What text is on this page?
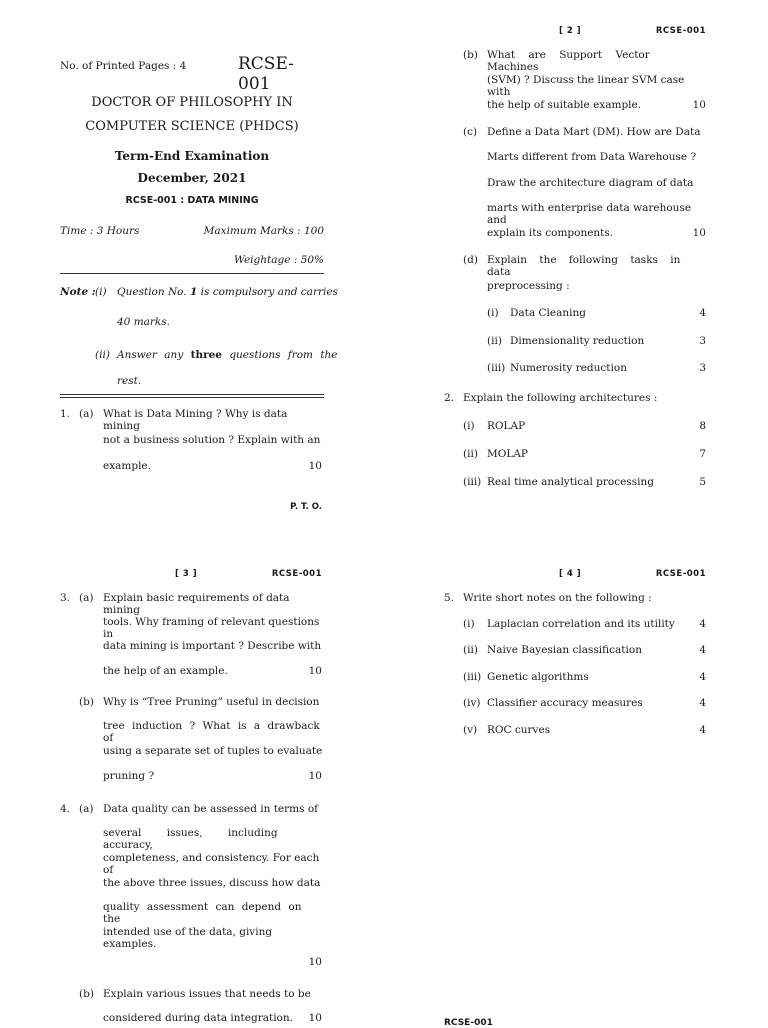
No. of Printed Pages : 4	RCSE-001
DOCTOR OF PHILOSOPHY IN
COMPUTER SCIENCE (PHDCS)
Term-End Examination
December, 2021
RCSE-001 : DATA MINING
Time : 3 Hours	Maximum Marks : 100
Weightage : 50%
Note : (i) Question No. 1 is compulsory and carries
40 marks.
(ii) Answer any three questions from the
rest.
1. (a) What is Data Mining ? Why is data mining
not a business solution ? Explain with an
example.	10
P. T. O.
[ 2 ]	RCSE-001
(b) What are Support Vector Machines
(SVM) ? Discuss the linear SVM case with
the help of suitable example.	10
(c) Define a Data Mart (DM). How are Data
Marts different from Data Warehouse ?
Draw the architecture diagram of data
marts with enterprise data warehouse and
explain its components.	10
(d) Explain the following tasks in data
preprocessing :
(i) Data Cleaning	4
(ii) Dimensionality reduction	3
(iii) Numerosity reduction	3
2. Explain the following architectures :
(i) ROLAP	8
(ii) MOLAP	7
(iii) Real time analytical processing	5
[ 3 ]	RCSE-001
3. (a) Explain basic requirements of data mining
tools. Why framing of relevant questions in
data mining is important ? Describe with
the help of an example.	10
(b) Why is “Tree Pruning” useful in decision
tree induction ? What is a drawback of
using a separate set of tuples to evaluate
pruning ?	10
4. (a) Data quality can be assessed in terms of
several issues, including accuracy,
completeness, and consistency. For each of
the above three issues, discuss how data
quality assessment can depend on the
intended use of the data, giving examples.
10
(b) Explain various issues that needs to be
considered during data integration. 10
[ 4 ]	RCSE-001
5. Write short notes on the following :
(i) Laplacian correlation and its utility 4
(ii) Naive Bayesian classification	4
(iii) Genetic algorithms	4
(iv) Classifier accuracy measures	4
(v) ROC curves	4
RCSE-001
